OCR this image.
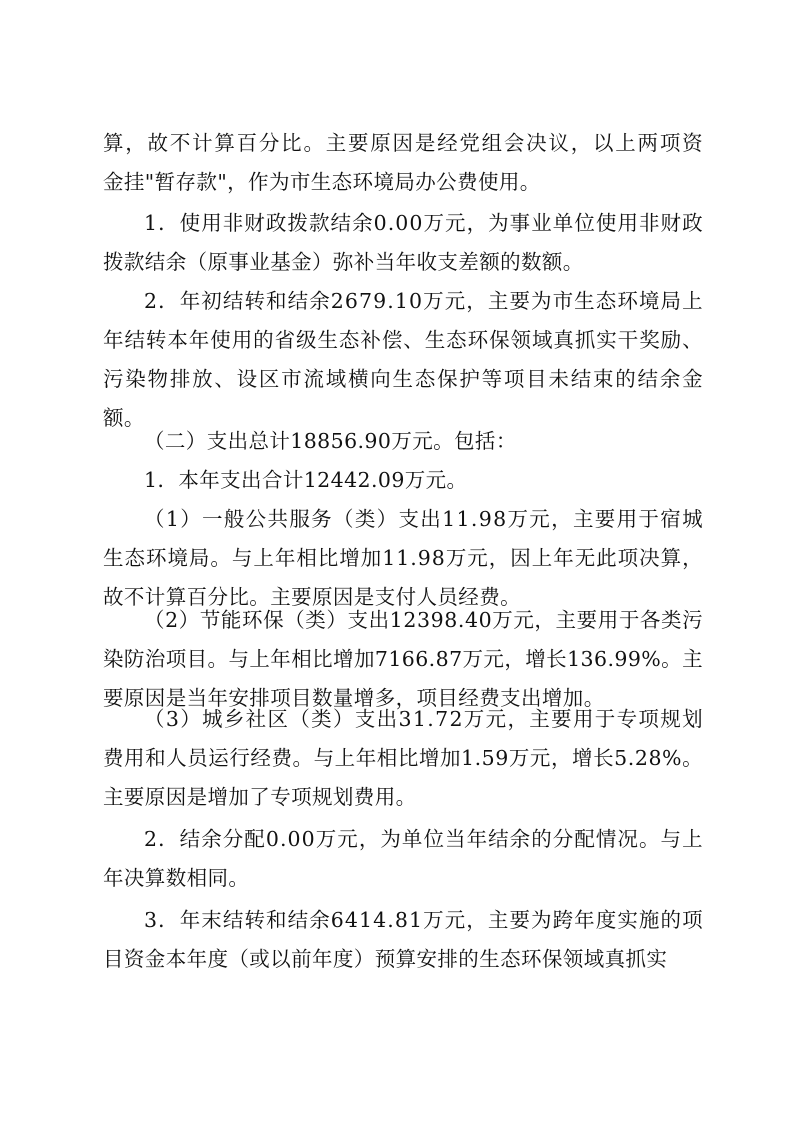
算，故不计算百分比。主要原因是经党组会决议，以上两项资
金挂"暂存款"，作为市生态环境局办公费使用。

1．使用非财政拨款结余0.00万元，为事业单位使用非财政
拨款结余（原事业基金）弥补当年收支差额的数额。

2．年初结转和结余2679.10万元，主要为市生态环境局上
年结转本年使用的省级生态补偿、生态环保领域真抓实干奖励、
污染物排放、设区市流域横向生态保护等项目未结束的结余金
额。

（二）支出总计18856.90万元。包括：

1．本年支出合计12442.09万元。

（1）一般公共服务（类）支出11.98万元，主要用于宿城
生态环境局。与上年相比增加11.98万元，因上年无此项决算，
故不计算百分比。主要原因是支付人员经费。

（2）节能环保（类）支出12398.40万元，主要用于各类污
染防治项目。与上年相比增加7166.87万元，增长136.99%。主
要原因是当年安排项目数量增多，项目经费支出增加。

（3）城乡社区（类）支出31.72万元，主要用于专项规划
费用和人员运行经费。与上年相比增加1.59万元，增长5.28%。
主要原因是增加了专项规划费用。

2．结余分配0.00万元，为单位当年结余的分配情况。与上
年决算数相同。

3．年末结转和结余6414.81万元，主要为跨年度实施的项
目资金本年度（或以前年度）预算安排的生态环保领域真抓实
